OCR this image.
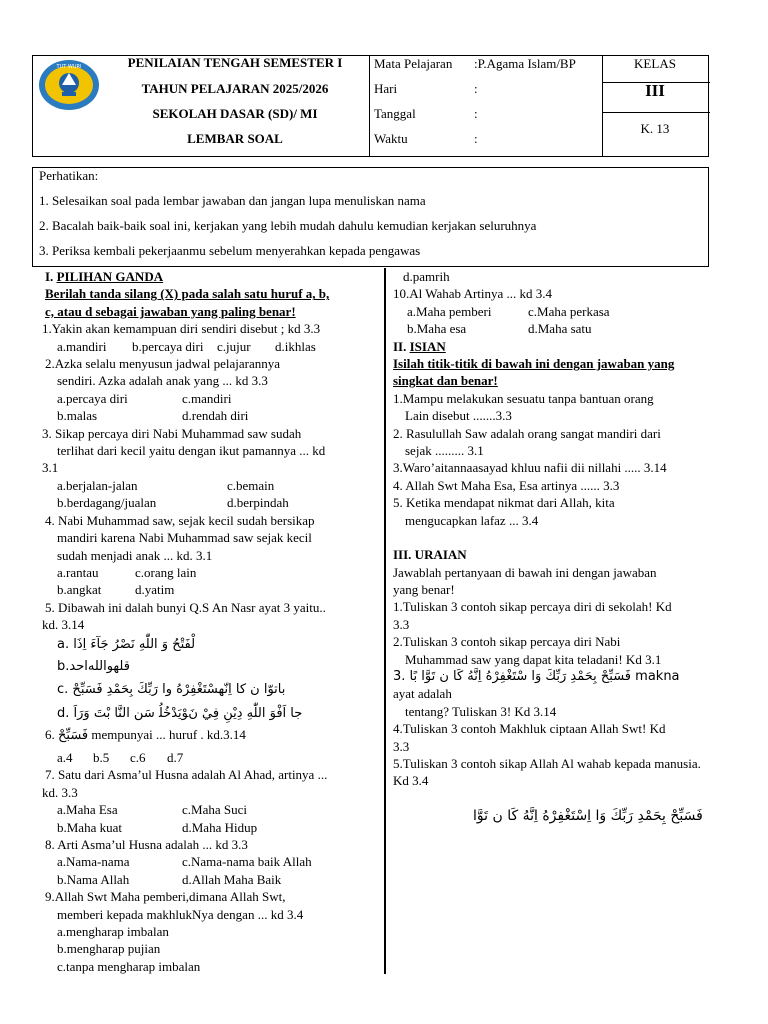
TUT WURI	PENILAIAN TENGAH SEMESTER I
TAHUN PELAJARAN 2025/2026
SEKOLAH DASAR (SD)/ MI
LEMBAR SOAL
Mata Pelajaran :P.Agama Islam/BP
Hari	:
Tanggal	:
Waktu	:
KELAS
III
K. 13
Perhatikan:
1. Selesaikan soal pada lembar jawaban dan jangan lupa menuliskan nama
2. Bacalah baik-baik soal ini, kerjakan yang lebih mudah dahulu kemudian kerjakan seluruhnya
3. Periksa kembali pekerjaanmu sebelum menyerahkan kepada pengawas
I. PILIHAN GANDA
Berilah tanda silang (X) pada salah satu huruf a, b,
c, atau d sebagai jawaban yang paling benar!
1.Yakin akan kemampuan diri sendiri disebut ; kd 3.3
a.mandiri b.percaya diri c.jujur d.ikhlas
2.Azka selalu menyusun jadwal pelajarannya
sendiri. Azka adalah anak yang ... kd 3.3
a.percaya diri	c.mandiri
b.malas	d.rendah diri
3. Sikap percaya diri Nabi Muhammad saw sudah
terlihat dari kecil yaitu dengan ikut pamannya ... kd
3.1
a.berjalan-jalan	c.bemain
b.berdagang/jualan	d.berpindah
4. Nabi Muhammad saw, sejak kecil sudah bersikap
mandiri karena Nabi Muhammad saw sejak kecil
sudah menjadi anak ... kd. 3.1
a.rantau	c.orang lain
b.angkat	d.yatim
5. Dibawah ini dalah bunyi Q.S An Nasr ayat 3 yaitu..
kd. 3.14
a. ﻟْﻔَﺘْﺢُ وَ اﻟﻠّٰﻪِ ﻧَﺼْﺮُ ﺟَﺂءَ اِذَا
b.ﻗﻠﻬﻮاﻟﻠﻪاﺣﺪ
c. ﺑﺎﺗﻮّا ن ﻛﺎ اِﻧّﻬﺴْﺘَﻐْﻔِﺮْهُ وا رَﺑِّﻚَ ﺑِﺤَﻤْﺪِ ﻓَﺴَﺒِّﺢْ
d. ﺟﺎ اَﻓْﻮَ اﻟﻠّٰﻪِ دِﻳْﻦِ ﻓِﻲْ نَﻮْﻳَﺪْﺧُﻠُ ﺳَﻦ اﻟﻨَّﺎ ﺑْﺖَ وَرَاَ
6. ﻓَﺴَﺒِّﺢْ mempunyai ... huruf . kd.3.14
a.4 b.5 c.6 d.7
7. Satu dari Asma’ul Husna adalah Al Ahad, artinya ...
kd. 3.3
a.Maha Esa	c.Maha Suci
b.Maha kuat	d.Maha Hidup
8. Arti Asma’ul Husna adalah ... kd 3.3
a.Nama-nama	c.Nama-nama baik Allah
b.Nama Allah	d.Allah Maha Baik
9.Allah Swt Maha pemberi,dimana Allah Swt,
memberi kepada makhlukNya dengan ... kd 3.4
a.mengharap imbalan
b.mengharap pujian
c.tanpa mengharap imbalan
d.pamrih
10.Al Wahab Artinya ... kd 3.4
a.Maha pemberi	c.Maha perkasa
b.Maha esa	d.Maha satu
II. ISIAN
Isilah titik-titik di bawah ini dengan jawaban yang
singkat dan benar!
1.Mampu melakukan sesuatu tanpa bantuan orang
Lain disebut .......3.3
2. Rasulullah Saw adalah orang sangat mandiri dari
sejak ......... 3.1
3.Waro’aitannaasayad khluu nafii dii nillahi ..... 3.14
4. Allah Swt Maha Esa, Esa artinya ...... 3.3
5. Ketika mendapat nikmat dari Allah, kita
mengucapkan lafaz ... 3.4
III. URAIAN
Jawablah pertanyaan di bawah ini dengan jawaban
yang benar!
1.Tuliskan 3 contoh sikap percaya diri di sekolah! Kd
3.3
2.Tuliskan 3 contoh sikap percaya diri Nabi
Muhammad saw yang dapat kita teladani! Kd 3.1
3. ﻓَﺴَﺒِّﺢْ ﺑِﺤَﻤْﺪِ رَﺑِّﻚَ وَا ﺳْﺘَﻐْﻔِﺮْهُ اِﻧَّﻪُ ﻛَﺎ ن ﺗَﻮَّا بًا makna
ayat adalah
tentang? Tuliskan 3! Kd 3.14
4.Tuliskan 3 contoh Makhluk ciptaan Allah Swt! Kd
3.3
5.Tuliskan 3 contoh sikap Allah Al wahab kepada manusia.
Kd 3.4
ﻓَﺴَﺒِّﺢْ ﺑِﺤَﻤْﺪِ رَﺑِّﻚَ وَا اِﺳْﺘَﻐْﻔِﺮْهُ اِﻧَّﻪُ ﻛَﺎ ن ﺗَﻮَّا
